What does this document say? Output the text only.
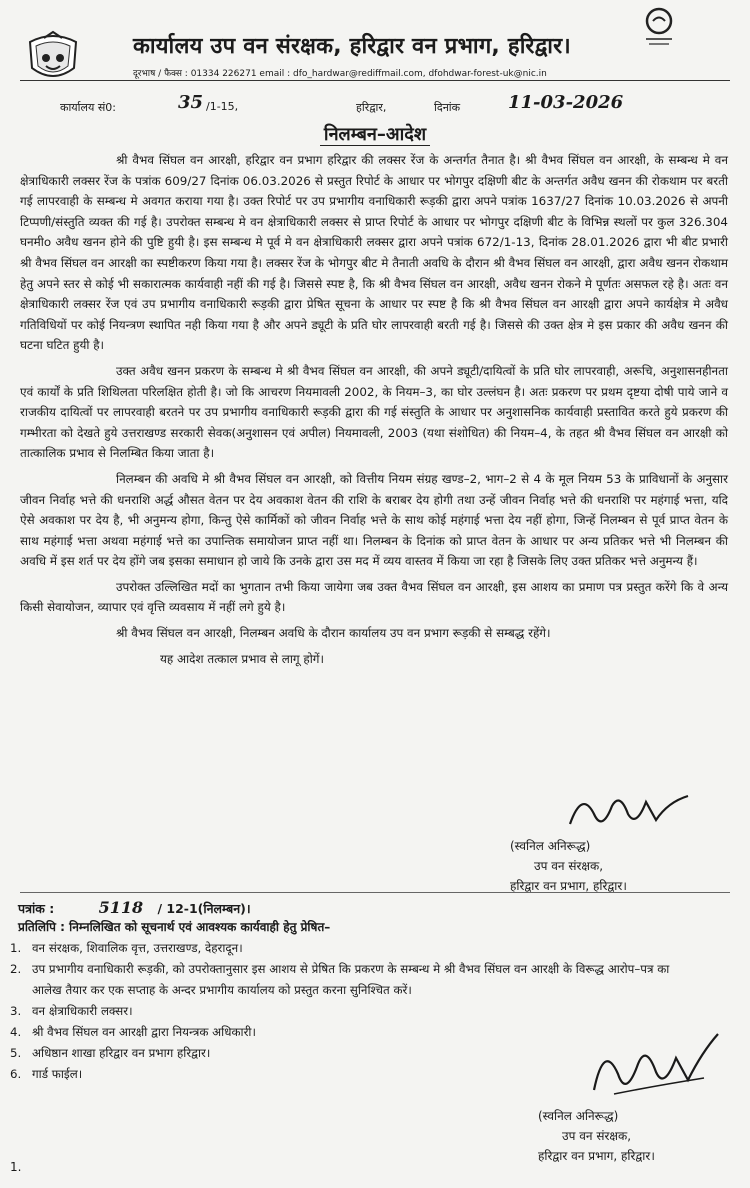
कार्यालय उप वन संरक्षक, हरिद्वार वन प्रभाग, हरिद्वार।
दूरभाष / फैक्स : 01334 226271 email : dfo_hardwar@rediffmail.com, dfohdwar-forest-uk@nic.in
कार्यालय सं0:	35 /1-15,	हरिद्वार,	दिनांक	11-03-2026
निलम्बन–आदेश

श्री वैभव सिंघल वन आरक्षी, हरिद्वार वन प्रभाग हरिद्वार की लक्सर रेंज के अन्तर्गत तैनात है। श्री वैभव सिंघल वन आरक्षी, के सम्बन्ध मे वन क्षेत्राधिकारी लक्सर रेंज के पत्रांक 609/27 दिनांक 06.03.2026 से प्रस्तुत रिपोर्ट के आधार पर भोगपुर दक्षिणी बीट के अन्तर्गत अवैध खनन की रोकथाम पर बरती गई लापरवाही के सम्बन्ध मे अवगत कराया गया है। उक्त रिपोर्ट पर उप प्रभागीय वनाधिकारी रूड़की द्वारा अपने पत्रांक 1637/27 दिनांक 10.03.2026 से अपनी टिप्पणी/संस्तुति व्यक्त की गई है। उपरोक्त सम्बन्ध मे वन क्षेत्राधिकारी लक्सर से प्राप्त रिपोर्ट के आधार पर भोगपुर दक्षिणी बीट के विभिन्न स्थलों पर कुल 326.304 घनमीo अवैध खनन होने की पुष्टि हुयी है। इस सम्बन्ध मे पूर्व मे वन क्षेत्राधिकारी लक्सर द्वारा अपने पत्रांक 672/1-13, दिनांक 28.01.2026 द्वारा भी बीट प्रभारी श्री वैभव सिंघल वन आरक्षी का स्पष्टीकरण किया गया है। लक्सर रेंज के भोगपुर बीट मे तैनाती अवधि के दौरान श्री वैभव सिंघल वन आरक्षी, द्वारा अवैध खनन रोकथाम हेतु अपने स्तर से कोई भी सकारात्मक कार्यवाही नहीं की गई है। जिससे स्पष्ट है, कि श्री वैभव सिंघल वन आरक्षी, अवैध खनन रोकने मे पूर्णतः असफल रहे है। अतः वन क्षेत्राधिकारी लक्सर रेंज एवं उप प्रभागीय वनाधिकारी रूड़की द्वारा प्रेषित सूचना के आधार पर स्पष्ट है कि श्री वैभव सिंघल वन आरक्षी द्वारा अपने कार्यक्षेत्र मे अवैध गतिविधियों पर कोई नियन्त्रण स्थापित नही किया गया है और अपने ड्यूटी के प्रति घोर लापरवाही बरती गई है। जिससे की उक्त क्षेत्र मे इस प्रकार की अवैध खनन की घटना घटित हुयी है।

उक्त अवैध खनन प्रकरण के सम्बन्ध मे श्री वैभव सिंघल वन आरक्षी, की अपने ड्यूटी/दायित्वों के प्रति घोर लापरवाही, अरूचि, अनुशासनहीनता एवं कार्यों के प्रति शिथिलता परिलक्षित होती है। जो कि आचरण नियमावली 2002, के नियम–3, का घोर उल्लंघन है। अतः प्रकरण पर प्रथम दृष्टया दोषी पाये जाने व राजकीय दायित्वों पर लापरवाही बरतने पर उप प्रभागीय वनाधिकारी रूड़की द्वारा की गई संस्तुति के आधार पर अनुशासनिक कार्यवाही प्रस्तावित करते हुये प्रकरण की गम्भीरता को देखते हुये उत्तराखण्ड सरकारी सेवक(अनुशासन एवं अपील) नियमावली, 2003 (यथा संशोधित) की नियम–4, के तहत श्री वैभव सिंघल वन आरक्षी को तात्कालिक प्रभाव से निलम्बित किया जाता है।

निलम्बन की अवधि मे श्री वैभव सिंघल वन आरक्षी, को वित्तीय नियम संग्रह खण्ड–2, भाग–2 से 4 के मूल नियम 53 के प्राविधानों के अनुसार जीवन निर्वाह भत्ते की धनराशि अर्द्ध औसत वेतन पर देय अवकाश वेतन की राशि के बराबर देय होगी तथा उन्हें जीवन निर्वाह भत्ते की धनराशि पर महंगाई भत्ता, यदि ऐसे अवकाश पर देय है, भी अनुमन्य होगा, किन्तु ऐसे कार्मिकों को जीवन निर्वाह भत्ते के साथ कोई महंगाई भत्ता देय नहीं होगा, जिन्हें निलम्बन से पूर्व प्राप्त वेतन के साथ महंगाई भत्ता अथवा महंगाई भत्ते का उपान्तिक समायोजन प्राप्त नहीं था। निलम्बन के दिनांक को प्राप्त वेतन के आधार पर अन्य प्रतिकर भत्ते भी निलम्बन की अवधि में इस शर्त पर देय होंगे जब इसका समाधान हो जाये कि उनके द्वारा उस मद में व्यय वास्तव में किया जा रहा है जिसके लिए उक्त प्रतिकर भत्ते अनुमन्य हैं।

उपरोक्त उल्लिखित मदों का भुगतान तभी किया जायेगा जब उक्त वैभव सिंघल वन आरक्षी, इस आशय का प्रमाण पत्र प्रस्तुत करेंगे कि वे अन्य किसी सेवायोजन, व्यापार एवं वृत्ति व्यवसाय में नहीं लगे हुये है।

श्री वैभव सिंघल वन आरक्षी, निलम्बन अवधि के दौरान कार्यालय उप वन प्रभाग रूड़की से सम्बद्ध रहेंगे।

यह आदेश तत्काल प्रभाव से लागू होगें।

(स्वनिल अनिरूद्ध)
उप वन संरक्षक,
हरिद्वार वन प्रभाग, हरिद्वार।
पत्रांक :	5118 / 12-1(निलम्बन)।
प्रतिलिपि : निम्नलिखित को सूचनार्थ एवं आवश्यक कार्यवाही हेतु प्रेषित–
1. वन संरक्षक, शिवालिक वृत्त, उत्तराखण्ड, देहरादून।
2. उप प्रभागीय वनाधिकारी रूड़की, को उपरोक्तानुसार इस आशय से प्रेषित कि प्रकरण के सम्बन्ध मे श्री वैभव सिंघल वन आरक्षी के विरूद्ध आरोप–पत्र का आलेख तैयार कर एक सप्ताह के अन्दर प्रभागीय कार्यालय को प्रस्तुत करना सुनिश्चित करें।
3. वन क्षेत्राधिकारी लक्सर।
4. श्री वैभव सिंघल वन आरक्षी द्वारा नियन्त्रक अधिकारी।
5. अधिष्ठान शाखा हरिद्वार वन प्रभाग हरिद्वार।
6. गार्ड फाईल।
(स्वनिल अनिरूद्ध)
उप वन संरक्षक,
हरिद्वार वन प्रभाग, हरिद्वार।
1.
